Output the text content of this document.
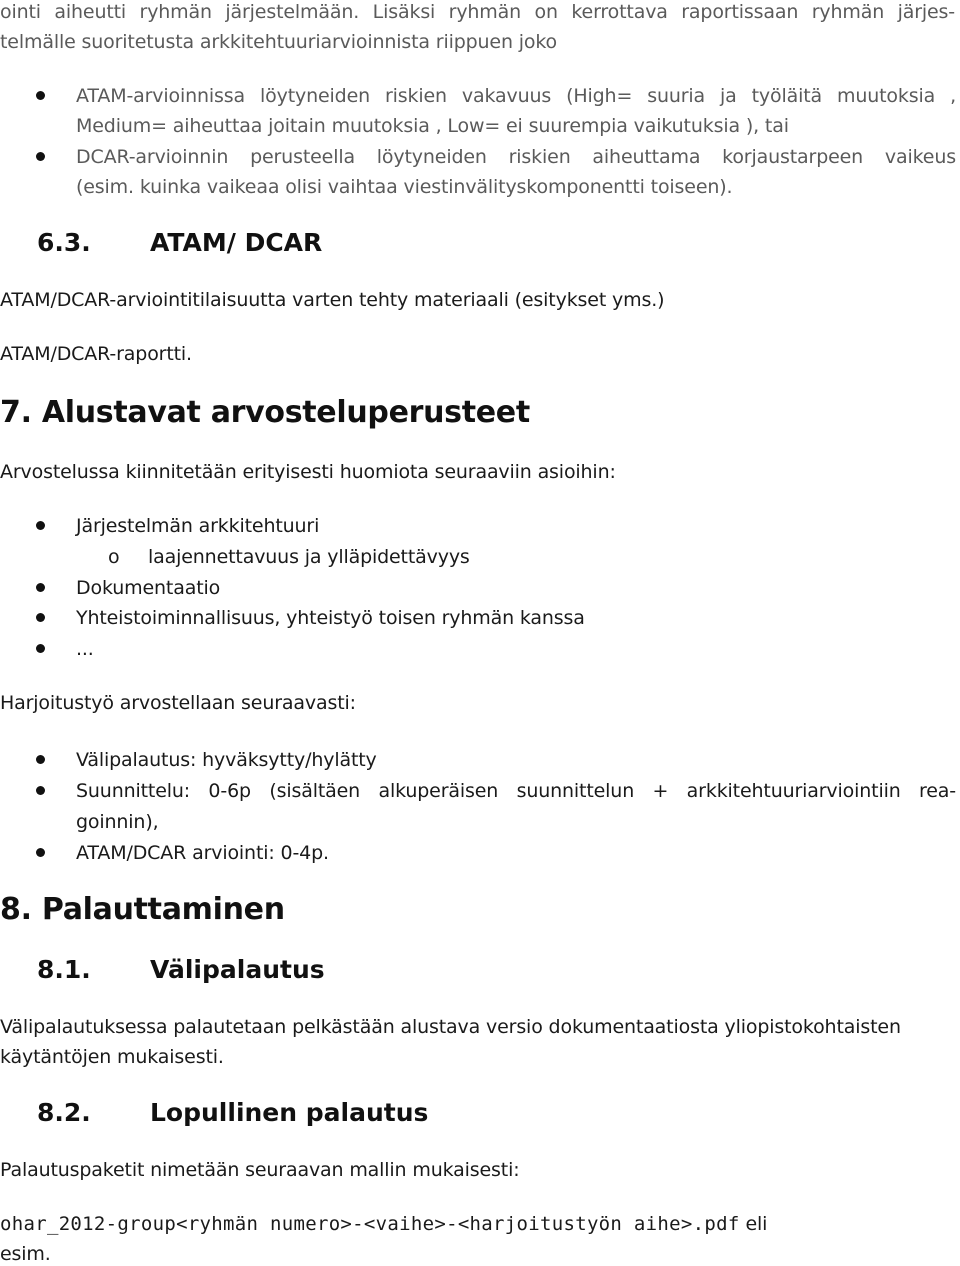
ointi aiheutti ryhmän järjestelmään. Lisäksi ryhmän on kerrottava raportissaan ryhmän järjes-

telmälle suoritetusta arkkitehtuuriarvioinnista riippuen joko

ATAM-arvioinnissa löytyneiden riskien vakavuus (High= suuria ja työläitä muutoksia ,

Medium= aiheuttaa joitain muutoksia , Low= ei suurempia vaikutuksia ), tai

DCAR-arvioinnin perusteella löytyneiden riskien aiheuttama korjaustarpeen vaikeus

(esim. kuinka vaikeaa olisi vaihtaa viestinvälityskomponentti toiseen).

6.3. ATAM/ DCAR

ATAM/DCAR-arviointitilaisuutta varten tehty materiaali (esitykset yms.)

ATAM/DCAR-raportti.

7. Alustavat arvosteluperusteet

Arvostelussa kiinnitetään erityisesti huomiota seuraaviin asioihin:

Järjestelmän arkkitehtuuri

o laajennettavuus ja ylläpidettävyys

Dokumentaatio

Yhteistoiminnallisuus, yhteistyö toisen ryhmän kanssa

...

Harjoitustyö arvostellaan seuraavasti:

Välipalautus: hyväksytty/hylätty

Suunnittelu: 0-6p (sisältäen alkuperäisen suunnittelun + arkkitehtuuriarviointiin rea-

goinnin),

ATAM/DCAR arviointi: 0-4p.

8. Palauttaminen
8.1. Välipalautus

Välipalautuksessa palautetaan pelkästään alustava versio dokumentaatiosta yliopistokohtaisten

käytäntöjen mukaisesti.

8.2. Lopullinen palautus

Palautuspaketit nimetään seuraavan mallin mukaisesti:

ohar_2012-group<ryhmän numero>-<vaihe>-<harjoitustyön aihe>.pdf eli

esim.
